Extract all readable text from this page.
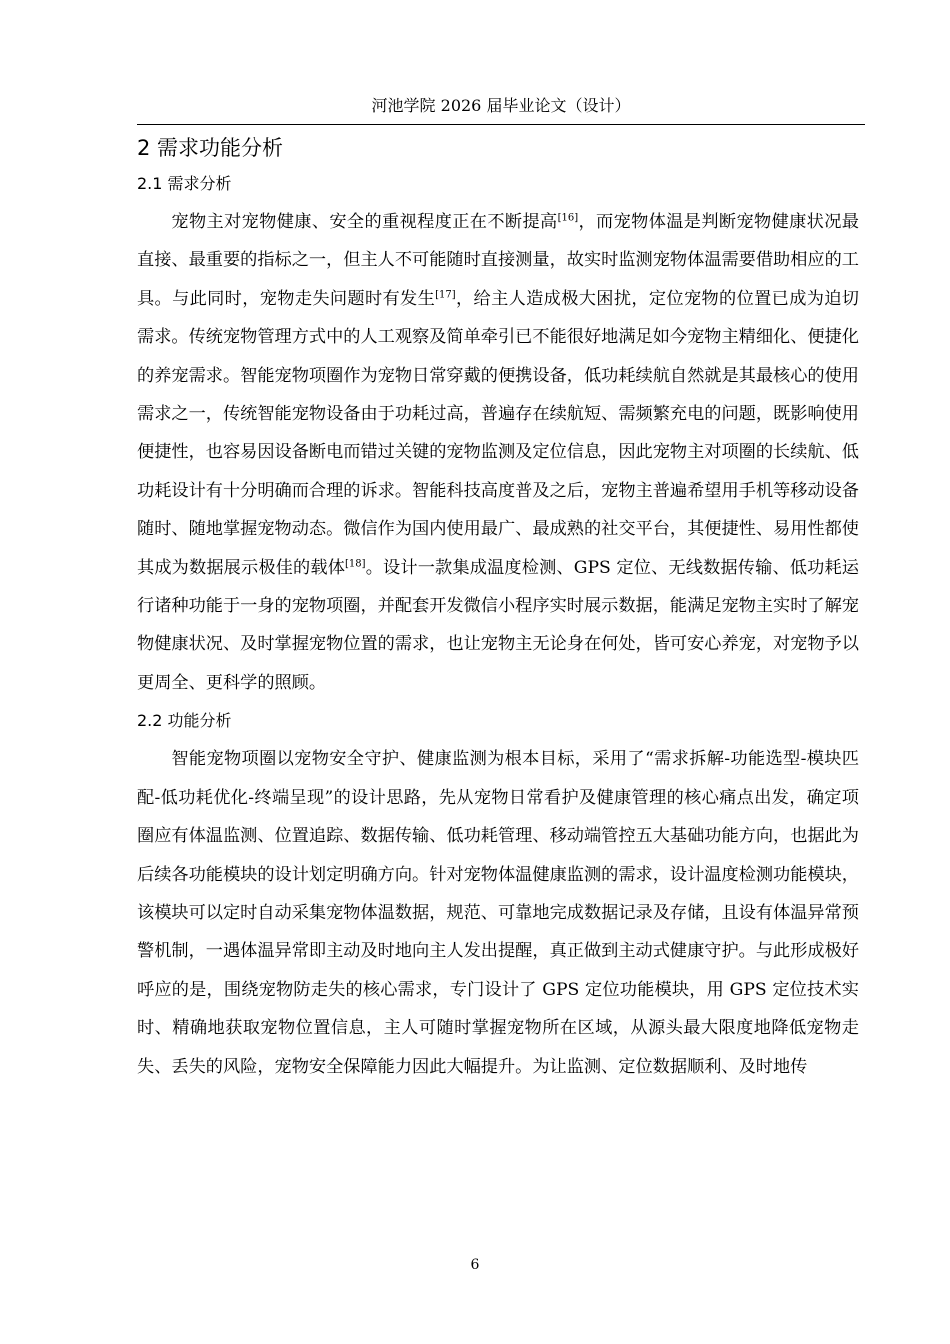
河池学院 2026 届毕业论文（设计）
2 需求功能分析
2.1 需求分析

宠物主对宠物健康、安全的重视程度正在不断提高[16]，而宠物体温是判断宠物健康状况最直接、最重要的指标之一，但主人不可能随时直接测量，故实时监测宠物体温需要借助相应的工具。与此同时，宠物走失问题时有发生[17]，给主人造成极大困扰，定位宠物的位置已成为迫切需求。传统宠物管理方式中的人工观察及简单牵引已不能很好地满足如今宠物主精细化、便捷化的养宠需求。智能宠物项圈作为宠物日常穿戴的便携设备，低功耗续航自然就是其最核心的使用需求之一，传统智能宠物设备由于功耗过高，普遍存在续航短、需频繁充电的问题，既影响使用便捷性，也容易因设备断电而错过关键的宠物监测及定位信息，因此宠物主对项圈的长续航、低功耗设计有十分明确而合理的诉求。智能科技高度普及之后，宠物主普遍希望用手机等移动设备随时、随地掌握宠物动态。微信作为国内使用最广、最成熟的社交平台，其便捷性、易用性都使其成为数据展示极佳的载体[18]。设计一款集成温度检测、GPS 定位、无线数据传输、低功耗运行诸种功能于一身的宠物项圈，并配套开发微信小程序实时展示数据，能满足宠物主实时了解宠物健康状况、及时掌握宠物位置的需求，也让宠物主无论身在何处，皆可安心养宠，对宠物予以更周全、更科学的照顾。

2.2 功能分析

智能宠物项圈以宠物安全守护、健康监测为根本目标，采用了“需求拆解-功能选型-模块匹配-低功耗优化-终端呈现”的设计思路，先从宠物日常看护及健康管理的核心痛点出发，确定项圈应有体温监测、位置追踪、数据传输、低功耗管理、移动端管控五大基础功能方向，也据此为后续各功能模块的设计划定明确方向。针对宠物体温健康监测的需求，设计温度检测功能模块，该模块可以定时自动采集宠物体温数据，规范、可靠地完成数据记录及存储，且设有体温异常预警机制，一遇体温异常即主动及时地向主人发出提醒，真正做到主动式健康守护。与此形成极好呼应的是，围绕宠物防走失的核心需求，专门设计了 GPS 定位功能模块，用 GPS 定位技术实时、精确地获取宠物位置信息，主人可随时掌握宠物所在区域，从源头最大限度地降低宠物走失、丢失的风险，宠物安全保障能力因此大幅提升。为让监测、定位数据顺利、及时地传

6
